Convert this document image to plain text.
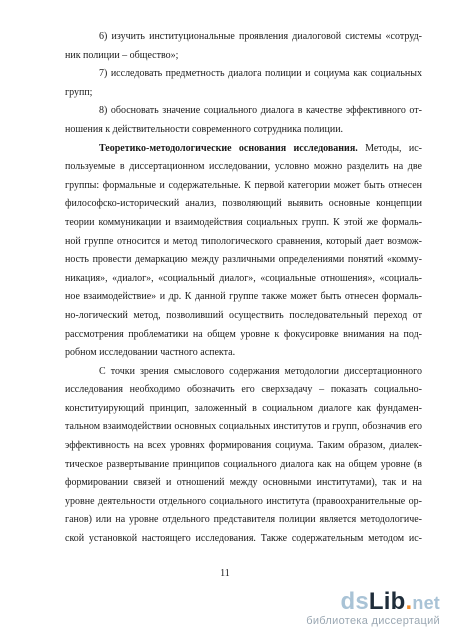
6) изучить институциональные проявления диалоговой системы «сотруд-
ник полиции – общество»;
7) исследовать предметность диалога полиции и социума как социальных
групп;
8) обосновать значение социального диалога в качестве эффективного от-
ношения к действительности современного сотрудника полиции.
Теоретико-методологические основания исследования. Методы, ис-
пользуемые в диссертационном исследовании, условно можно разделить на две
группы: формальные и содержательные. К первой категории может быть отнесен
философско-исторический анализ, позволяющий выявить основные концепции
теории коммуникации и взаимодействия социальных групп. К этой же формаль-
ной группе относится и метод типологического сравнения, который дает возмож-
ность провести демаркацию между различными определениями понятий «комму-
никация», «диалог», «социальный диалог», «социальные отношения», «социаль-
ное взаимодействие» и др. К данной группе также может быть отнесен формаль-
но-логический метод, позволивший осуществить последовательный переход от
рассмотрения проблематики на общем уровне к фокусировке внимания на под-
робном исследовании частного аспекта.
С точки зрения смыслового содержания методологии диссертационного
исследования необходимо обозначить его сверхзадачу – показать социально-
конституирующий принцип, заложенный в социальном диалоге как фундамен-
тальном взаимодействии основных социальных институтов и групп, обозначив его
эффективность на всех уровнях формирования социума. Таким образом, диалек-
тическое развертывание принципов социального диалога как на общем уровне (в
формировании связей и отношений между основными институтами), так и на
уровне деятельности отдельного социального института (правоохранительные ор-
ганов) или на уровне отдельного представителя полиции является методологиче-
ской установкой настоящего исследования. Также содержательным методом ис-
11
dsLib.net
библиотека диссертаций
